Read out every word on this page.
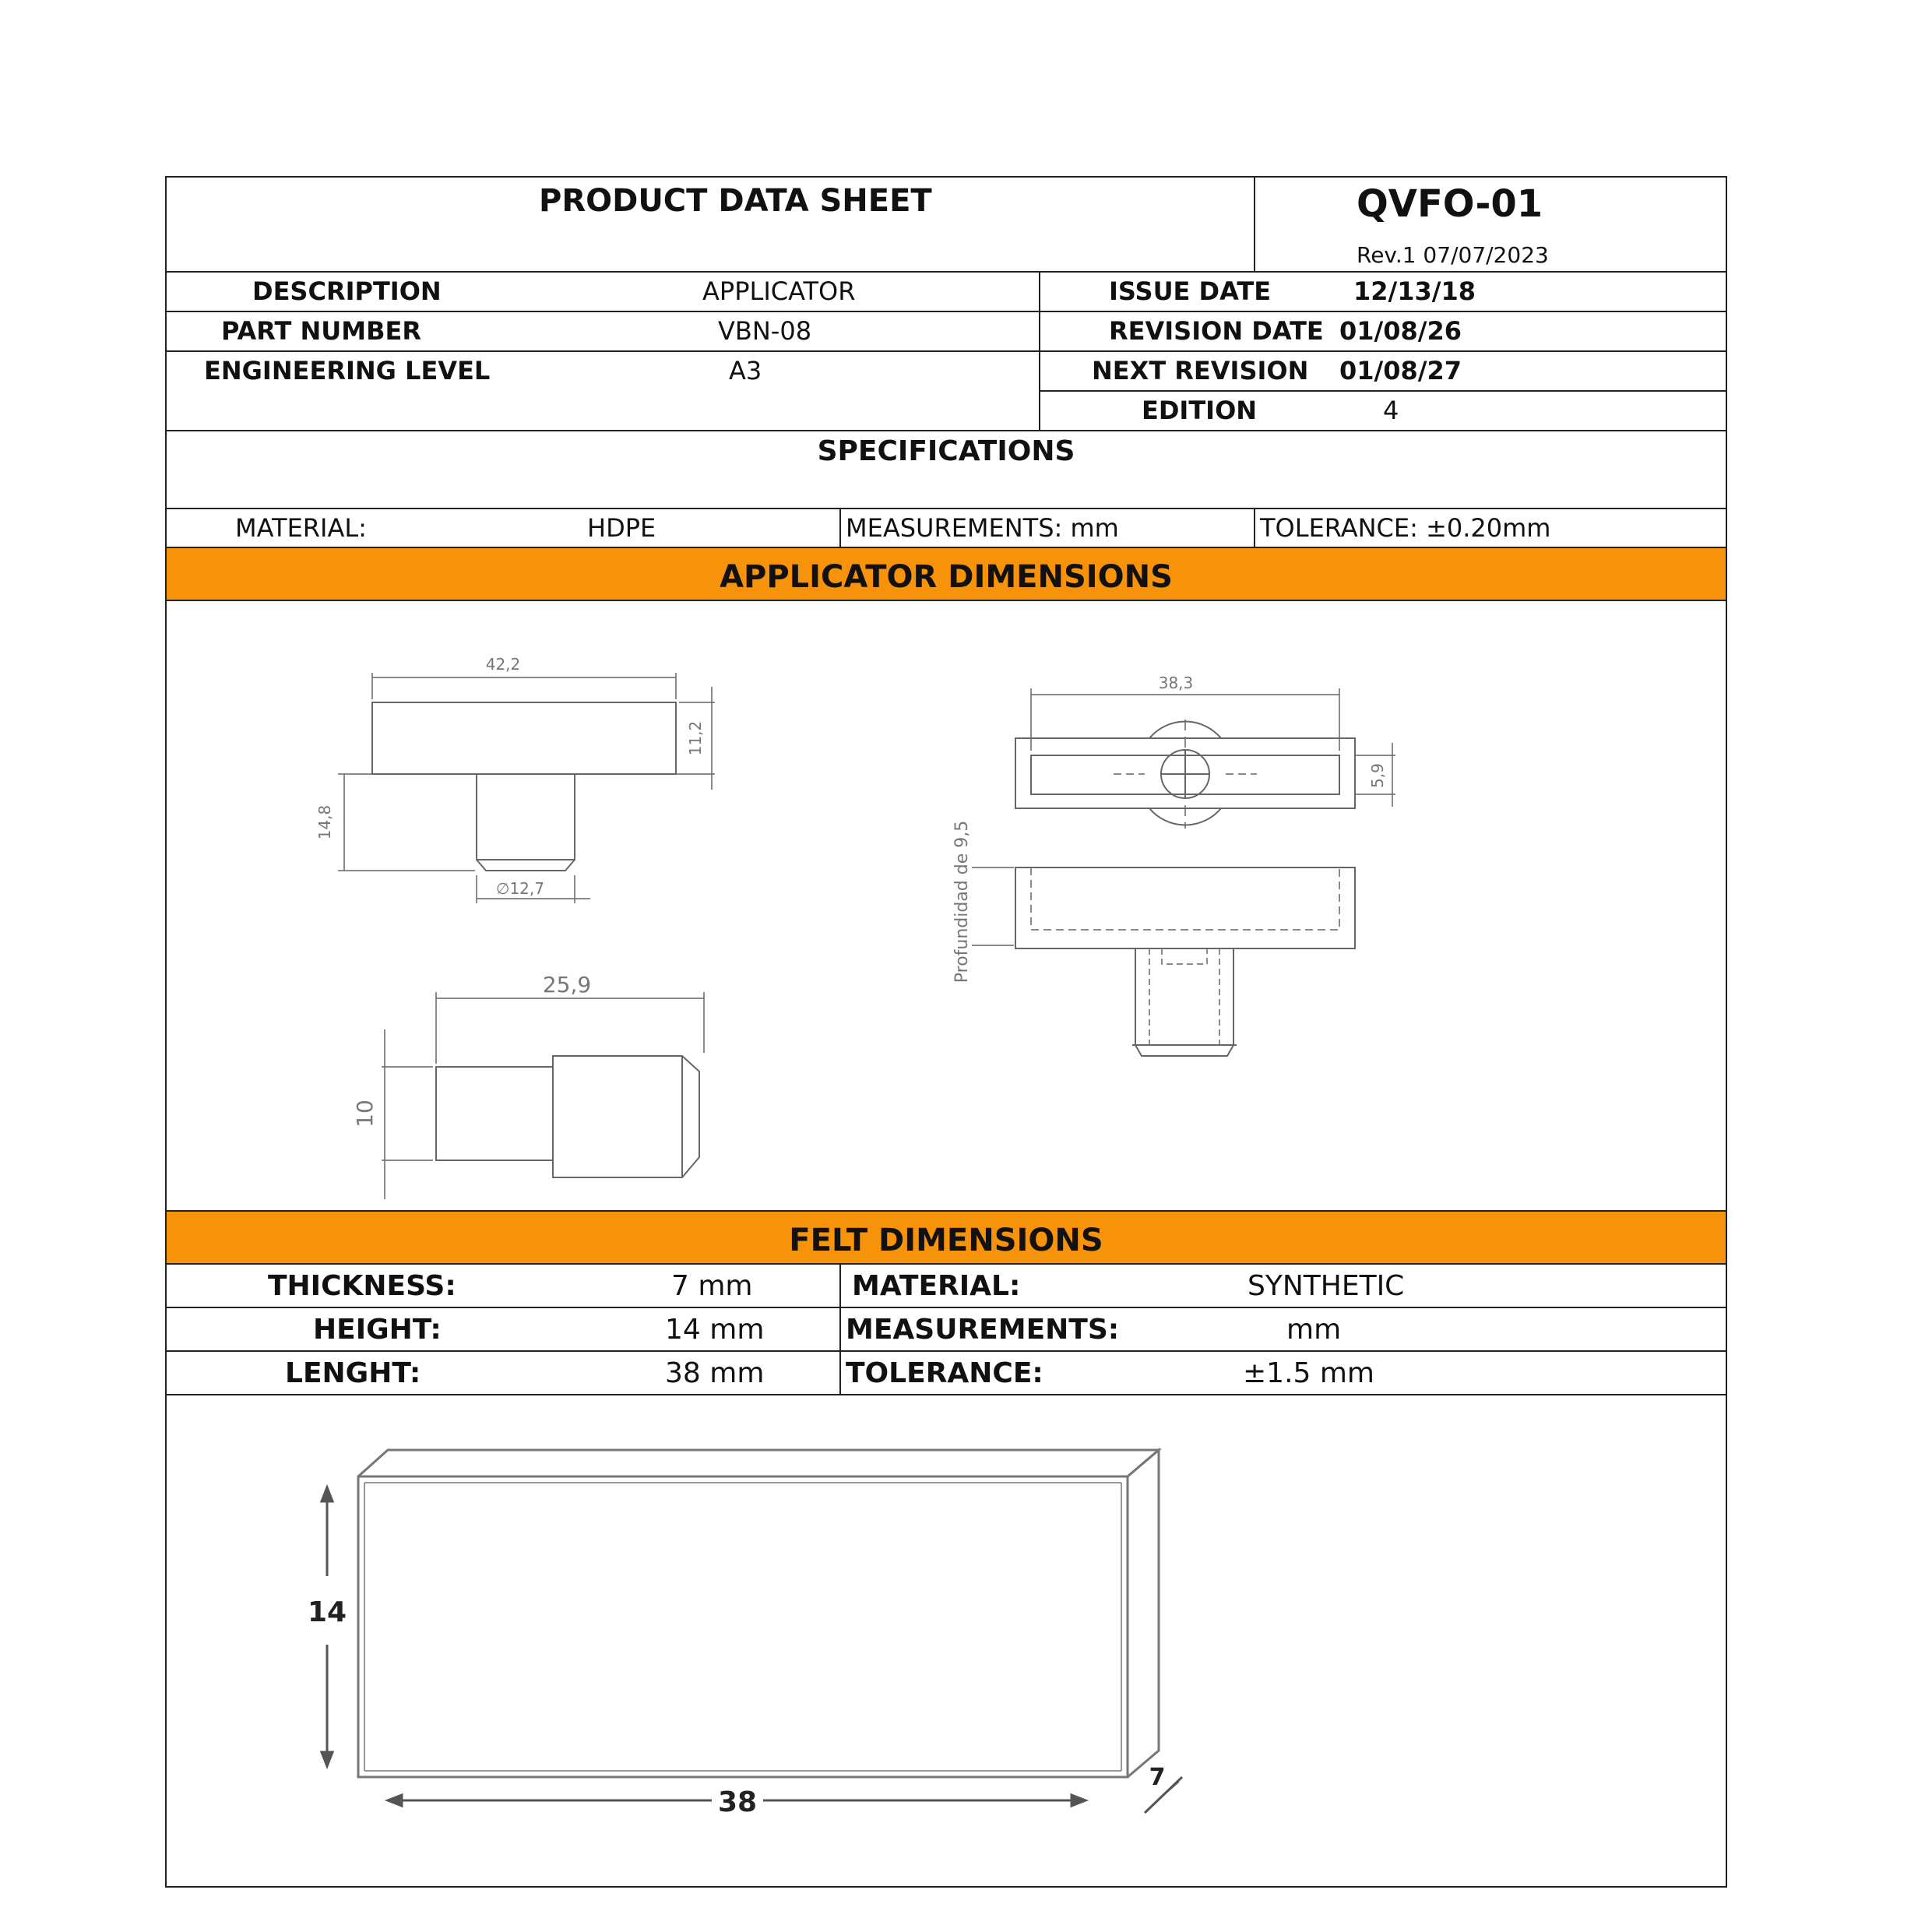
PRODUCT DATA SHEET	QVFO-01
Rev.1 07/07/2023
DESCRIPTION	APPLICATOR
PART NUMBER	VBN-08
ENGINEERING LEVEL	A3
ISSUE DATE	12/13/18
REVISION DATE 01/08/26
NEXT REVISION 01/08/27
EDITION	4
SPECIFICATIONS
MATERIAL:	HDPE	MEASUREMENTS: mm	TOLERANCE: ±0.20mm
APPLICATOR DIMENSIONS
42,2
11,2
14,8
∅12,7
25,9
10
38,3
5,9
Profundidad de 9,5
FELT DIMENSIONS
THICKNESS:	7 mm
HEIGHT:	14 mm
LENGHT:	38 mm
MATERIAL:	SYNTHETIC
MEASUREMENTS:	mm
TOLERANCE:	±1.5 mm
14
38
7
